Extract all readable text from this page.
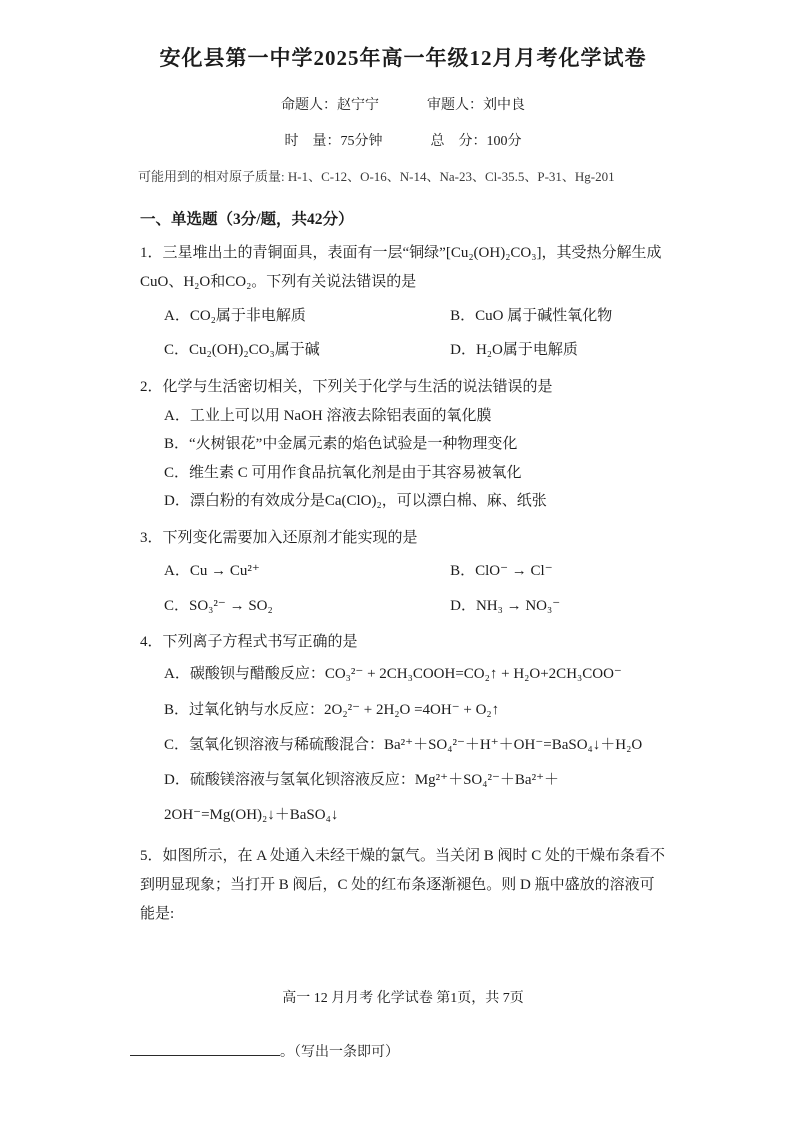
安化县第一中学2025年高一年级12月月考化学试卷
命题人：赵宁宁	审题人：刘中良
时　量：75分钟	总　分：100分

可能用到的相对原子质量: H-1、C-12、O-16、N-14、Na-23、Cl-35.5、P-31、Hg-201

一、单选题（3分/题，共42分）

1．三星堆出土的青铜面具，表面有一层“铜绿”[Cu₂(OH)₂CO₃]，其受热分解生成CuO、H₂O和CO₂。下列有关说法错误的是

A．CO₂属于非电解质	B．CuO 属于碱性氧化物
C．Cu₂(OH)₂CO₃属于碱	D．H₂O属于电解质

2．化学与生活密切相关，下列关于化学与生活的说法错误的是

A．工业上可以用 NaOH 溶液去除铝表面的氧化膜
B．“火树银花”中金属元素的焰色试验是一种物理变化
C．维生素 C 可用作食品抗氧化剂是由于其容易被氧化
D．漂白粉的有效成分是Ca(ClO)₂，可以漂白棉、麻、纸张

3．下列变化需要加入还原剂才能实现的是

A．Cu → Cu²⁺	B．ClO⁻ → Cl⁻
C．SO₃²⁻ → SO₂	D．NH₃ → NO₃⁻

4．下列离子方程式书写正确的是

A．碳酸钡与醋酸反应：CO₃²⁻ + 2CH₃COOH=CO₂↑ + H₂O+2CH₃COO⁻
B．过氧化钠与水反应：2O₂²⁻ + 2H₂O =4OH⁻ + O₂↑
C．氢氧化钡溶液与稀硫酸混合：Ba²⁺＋SO₄²⁻＋H⁺＋OH⁻=BaSO₄↓＋H₂O
D．硫酸镁溶液与氢氧化钡溶液反应：Mg²⁺＋SO₄²⁻＋Ba²⁺＋2OH⁻=Mg(OH)₂↓＋BaSO₄↓

5．如图所示，在 A 处通入未经干燥的氯气。当关闭 B 阀时 C 处的干燥布条看不到明显现象；当打开 B 阀后，C 处的红布条逐渐褪色。则 D 瓶中盛放的溶液可能是:

高一 12 月月考 化学试卷 第1页，共 7页
。（写出一条即可）
